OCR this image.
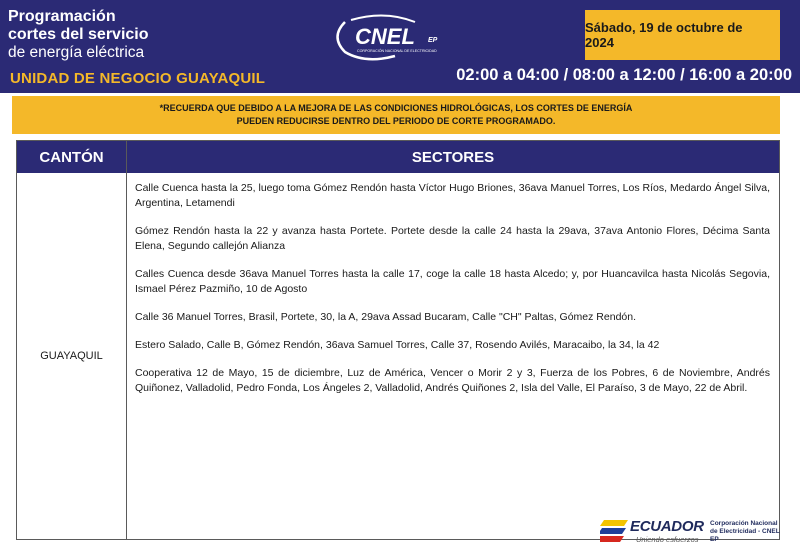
Programación
cortes del servicio
de energía eléctrica
UNIDAD DE NEGOCIO GUAYAQUIL
CNEL EP
CORPORACIÓN NACIONAL DE ELECTRICIDAD
Sábado, 19 de octubre de 2024
02:00 a 04:00 / 08:00 a 12:00 / 16:00 a 20:00
*RECUERDA QUE DEBIDO A LA MEJORA DE LAS CONDICIONES HIDROLÓGICAS, LOS CORTES DE ENERGÍA
PUEDEN REDUCIRSE DENTRO DEL PERIODO DE CORTE PROGRAMADO.
CANTÓN	SECTORES
GUAYAQUIL

Calle Cuenca hasta la 25, luego toma Gómez Rendón hasta Víctor Hugo Briones, 36ava Manuel Torres, Los Ríos, Medardo Ángel Silva, Argentina, Letamendi

Gómez Rendón hasta la 22 y avanza hasta Portete. Portete desde la calle 24 hasta la 29ava, 37ava Antonio Flores, Décima Santa Elena, Segundo callejón Alianza

Calles Cuenca desde 36ava Manuel Torres hasta la calle 17, coge la calle 18 hasta Alcedo; y, por Huancavilca hasta Nicolás Segovia, Ismael Pérez Pazmiño, 10 de Agosto

Calle 36 Manuel Torres, Brasil, Portete, 30, la A, 29ava Assad Bucaram, Calle "CH" Paltas, Gómez Rendón.

Estero Salado, Calle B, Gómez Rendón, 36ava Samuel Torres, Calle 37, Rosendo Avilés, Maracaibo, la 34, la 42

Cooperativa 12 de Mayo, 15 de diciembre, Luz de América, Vencer o Morir 2 y 3, Fuerza de los Pobres, 6 de Noviembre, Andrés Quiñonez, Valladolid, Pedro Fonda, Los Ángeles 2, Valladolid, Andrés Quiñones 2, Isla del Valle, El Paraíso, 3 de Mayo, 22 de Abril.

ECUADOR
Uniendo esfuerzos
Corporación Nacional
de Electricidad - CNEL EP
